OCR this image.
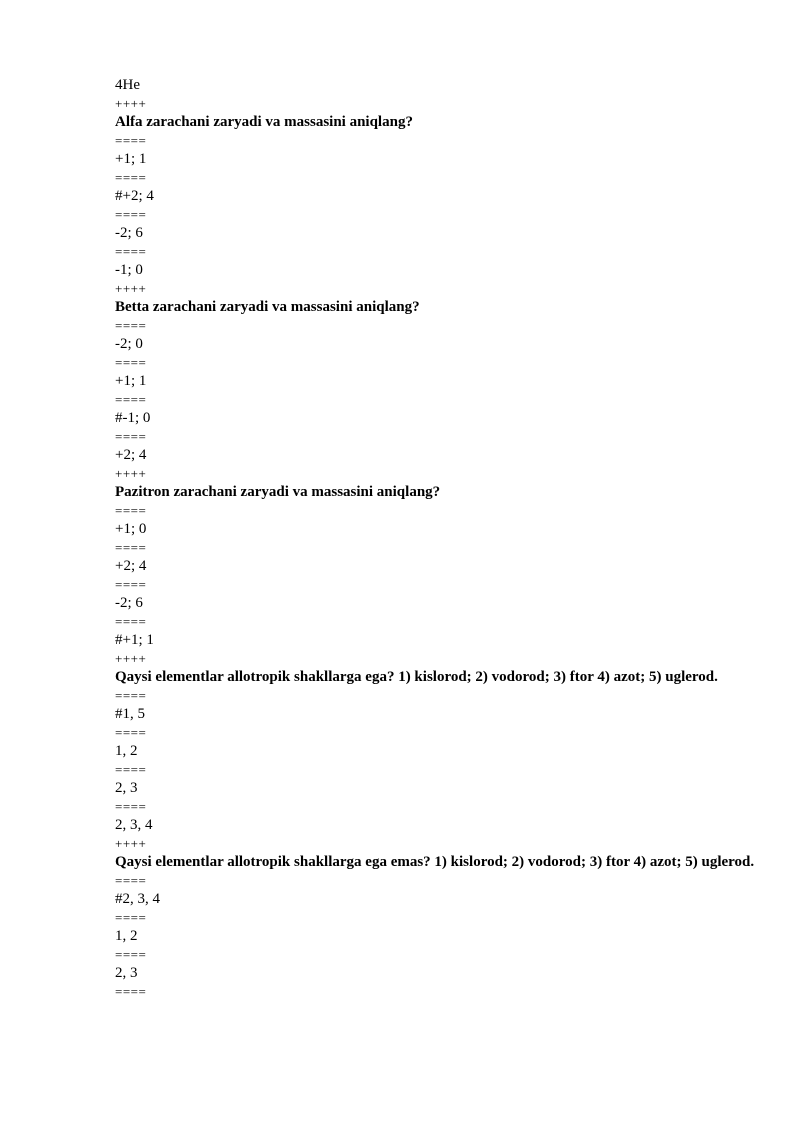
4He
++++
Alfa zarachani zaryadi va massasini aniqlang?
====
+1; 1
====
#+2; 4
====
-2; 6
====
-1; 0
++++
Betta zarachani zaryadi va massasini aniqlang?
====
-2; 0
====
+1; 1
====
#-1; 0
====
+2; 4
++++
Pazitron zarachani zaryadi va massasini aniqlang?
====
+1; 0
====
+2; 4
====
-2; 6
====
#+1; 1
++++
Qaysi elementlar allotropik shakllarga ega? 1) kislorod; 2) vodorod; 3) ftor 4) azot; 5) uglerod.
====
#1, 5
====
1, 2
====
2, 3
====
2, 3, 4
++++
Qaysi elementlar allotropik shakllarga ega emas? 1) kislorod; 2) vodorod; 3) ftor 4) azot; 5) uglerod.
====
#2, 3, 4
====
1, 2
====
2, 3
====
